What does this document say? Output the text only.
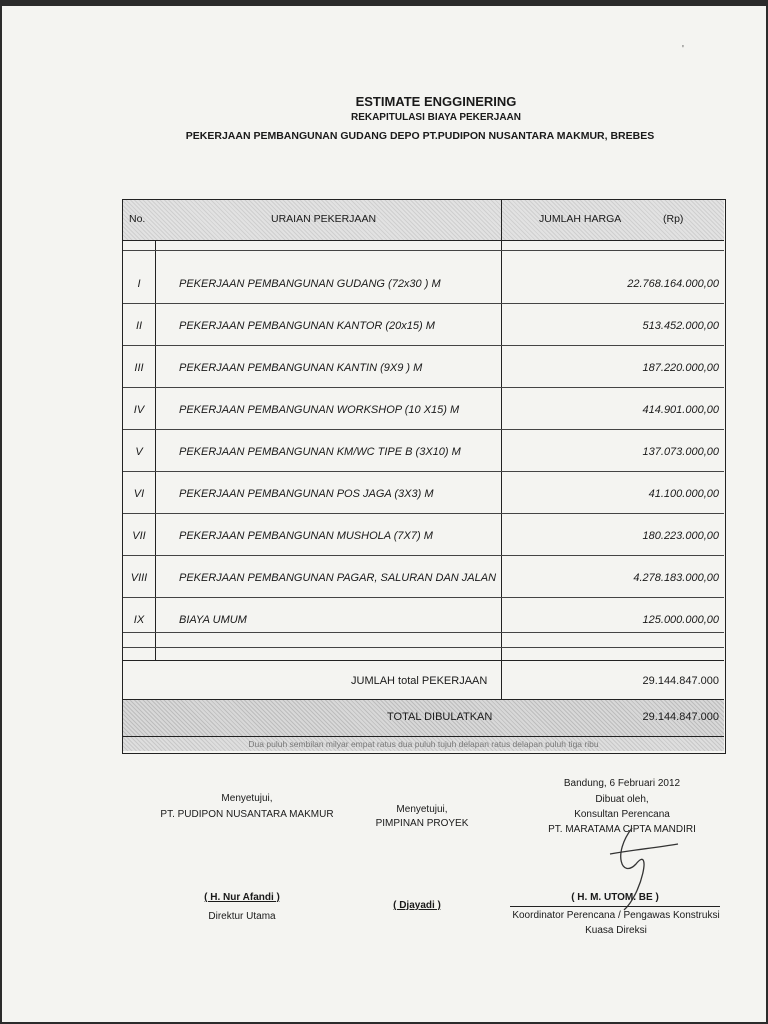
'
ESTIMATE ENGGINERING
REKAPITULASI BIAYA PEKERJAAN
PEKERJAAN PEMBANGUNAN GUDANG DEPO PT.PUDIPON NUSANTARA MAKMUR, BREBES
No.	URAIAN PEKERJAAN	JUMLAH HARGA	(Rp)
I	PEKERJAAN PEMBANGUNAN GUDANG (72x30 ) M	22.768.164.000,00
II	PEKERJAAN PEMBANGUNAN KANTOR (20x15) M	513.452.000,00
III	PEKERJAAN PEMBANGUNAN KANTIN (9X9 ) M	187.220.000,00
IV	PEKERJAAN PEMBANGUNAN WORKSHOP (10 X15) M	414.901.000,00
V	PEKERJAAN PEMBANGUNAN KM/WC TIPE B (3X10) M	137.073.000,00
VI	PEKERJAAN PEMBANGUNAN POS JAGA (3X3) M	41.100.000,00
VII	PEKERJAAN PEMBANGUNAN MUSHOLA (7X7) M	180.223.000,00
VIII	PEKERJAAN PEMBANGUNAN PAGAR, SALURAN DAN JALAN	4.278.183.000,00
IX	BIAYA UMUM	125.000.000,00
JUMLAH total PEKERJAAN	29.144.847.000
TOTAL DIBULATKAN	29.144.847.000
Dua puluh sembilan milyar empat ratus dua puluh tujuh delapan ratus delapan puluh tiga ribu
Menyetujui,
PT. PUDIPON NUSANTARA MAKMUR	Menyetujui,
PIMPINAN PROYEK
Bandung, 6 Februari 2012
Dibuat oleh,
Konsultan Perencana
PT. MARATAMA CIPTA MANDIRI
( H. Nur Afandi )
Direktur Utama
( Djayadi )
( H. M. UTOM. BE )
Koordinator Perencana / Pengawas Konstruksi
Kuasa Direksi
